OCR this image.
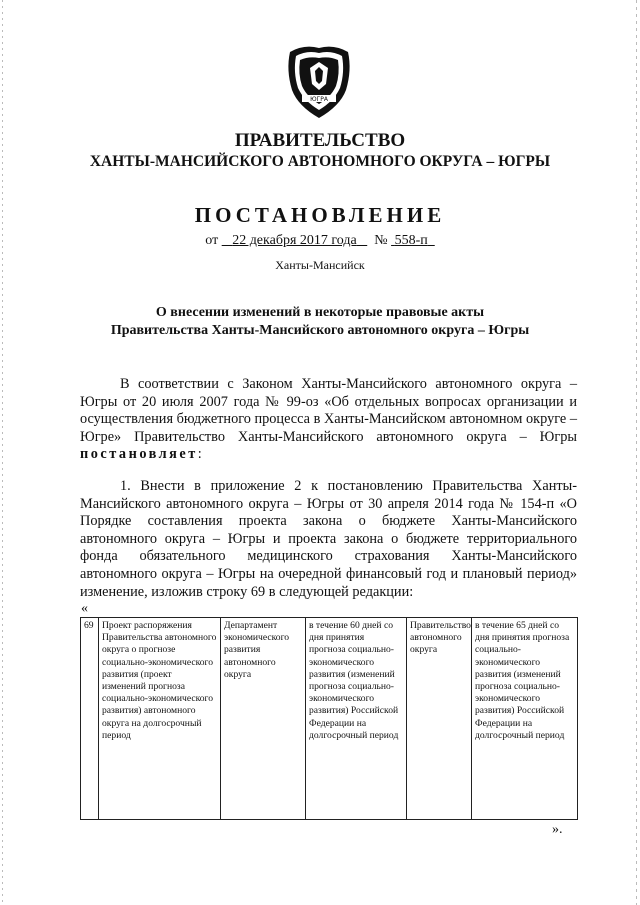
ЮГРА
ПРАВИТЕЛЬСТВО
ХАНТЫ-МАНСИЙСКОГО АВТОНОМНОГО ОКРУГА – ЮГРЫ
ПОСТАНОВЛЕНИЕ
от 22 декабря 2017 года № 558-п
Ханты-Мансийск
О внесении изменений в некоторые правовые акты
Правительства Ханты-Мансийского автономного округа – Югры

В соответствии с Законом Ханты-Мансийского автономного округа – Югры от 20 июля 2007 года № 99-оз «Об отдельных вопросах организации и осуществления бюджетного процесса в Ханты-Мансийском автономном округе – Югре» Правительство Ханты-Мансийского автономного округа – Югры постановляет:

1. Внести в приложение 2 к постановлению Правительства Ханты-Мансийского автономного округа – Югры от 30 апреля 2014 года № 154-п «О Порядке составления проекта закона о бюджете Ханты-Мансийского автономного округа – Югры и проекта закона о бюджете территориального фонда обязательного медицинского страхования Ханты-Мансийского автономного округа – Югры на очередной финансовый год и плановый период» изменение, изложив строку 69 в следующей редакции:

«
69	Проект распоряжения Правительства автономного округа о прогнозе социально-экономического развития (проект изменений прогноза социально-экономического развития) автономного округа на долгосрочный период	Департамент экономического развития автономного округа	в течение 60 дней со дня принятия прогноза социально-экономического развития (изменений прогноза социально-экономического развития) Российской Федерации на долгосрочный период	Правительство автономного округа	в течение 65 дней со дня принятия прогноза социально-экономического развития (изменений прогноза социально-экономического развития) Российской Федерации на долгосрочный период
».
